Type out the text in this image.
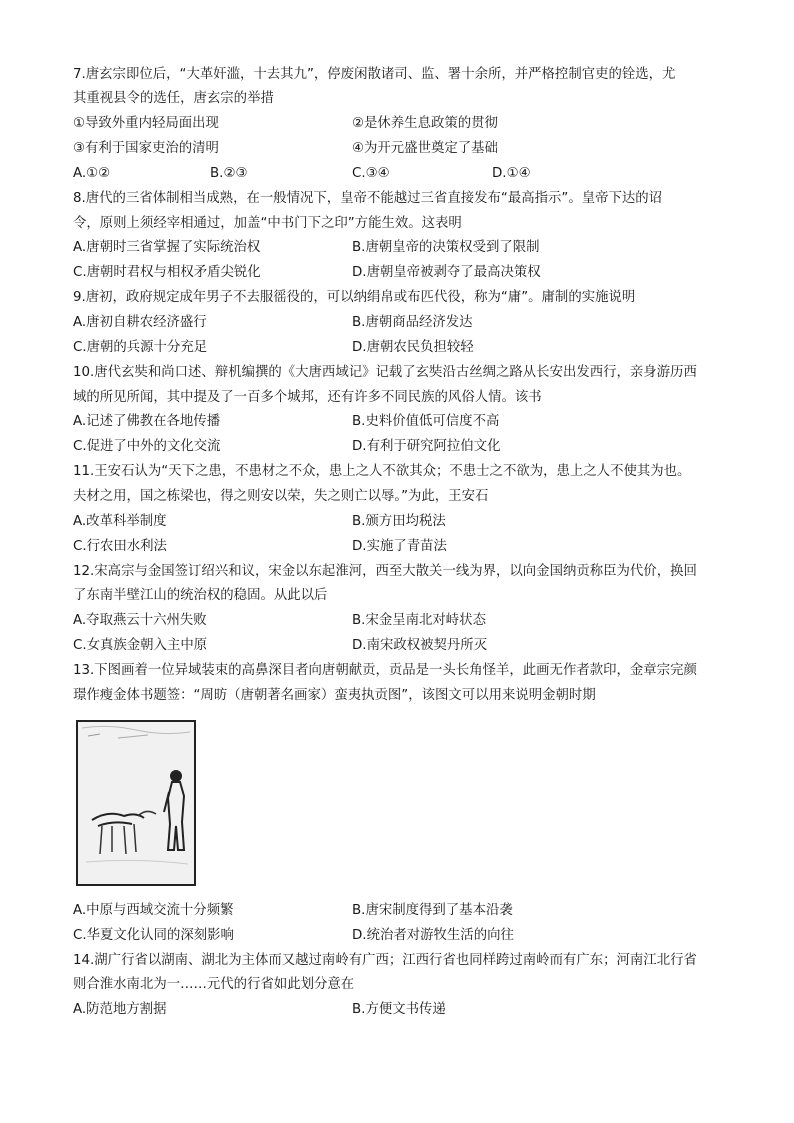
7.唐玄宗即位后，“大革奸滥，十去其九”，停废闲散诸司、监、署十余所，并严格控制官吏的铨选，尤
其重视县令的选任，唐玄宗的举措
①导致外重内轻局面出现	②是休养生息政策的贯彻
③有利于国家吏治的清明	④为开元盛世奠定了基础
A.①②	B.②③	C.③④	D.①④
8.唐代的三省体制相当成熟，在一般情况下，皇帝不能越过三省直接发布“最高指示”。皇帝下达的诏
令，原则上须经宰相通过，加盖“中书门下之印”方能生效。这表明
A.唐朝时三省掌握了实际统治权	B.唐朝皇帝的决策权受到了限制
C.唐朝时君权与相权矛盾尖锐化	D.唐朝皇帝被剥夺了最高决策权
9.唐初，政府规定成年男子不去服徭役的，可以纳绢帛或布匹代役，称为“庸”。庸制的实施说明
A.唐初自耕农经济盛行	B.唐朝商品经济发达
C.唐朝的兵源十分充足	D.唐朝农民负担较轻
10.唐代玄奘和尚口述、辩机编撰的《大唐西域记》记载了玄奘沿古丝绸之路从长安出发西行，亲身游历西
域的所见所闻，其中提及了一百多个城邦，还有许多不同民族的风俗人情。该书
A.记述了佛教在各地传播	B.史料价值低可信度不高
C.促进了中外的文化交流	D.有利于研究阿拉伯文化
11.王安石认为“天下之患，不患材之不众，患上之人不欲其众；不患士之不欲为，患上之人不使其为也。
夫材之用，国之栋梁也，得之则安以荣，失之则亡以辱。”为此，王安石
A.改革科举制度	B.颁方田均税法
C.行农田水利法	D.实施了青苗法
12.宋高宗与金国签订绍兴和议，宋金以东起淮河，西至大散关一线为界，以向金国纳贡称臣为代价，换回
了东南半壁江山的统治权的稳固。从此以后
A.夺取燕云十六州失败	B.宋金呈南北对峙状态
C.女真族金朝入主中原	D.南宋政权被契丹所灭
13.下图画着一位异域装束的高鼻深目者向唐朝献贡，贡品是一头长角怪羊，此画无作者款印，金章宗完颜
璟作瘦金体书题签：“周昉（唐朝著名画家）蛮夷执贡图”，该图文可以用来说明金朝时期
A.中原与西域交流十分频繁	B.唐宋制度得到了基本沿袭
C.华夏文化认同的深刻影响	D.统治者对游牧生活的向往
14.湖广行省以湖南、湖北为主体而又越过南岭有广西；江西行省也同样跨过南岭而有广东；河南江北行省
则合淮水南北为一……元代的行省如此划分意在
A.防范地方割据	B.方便文书传递
